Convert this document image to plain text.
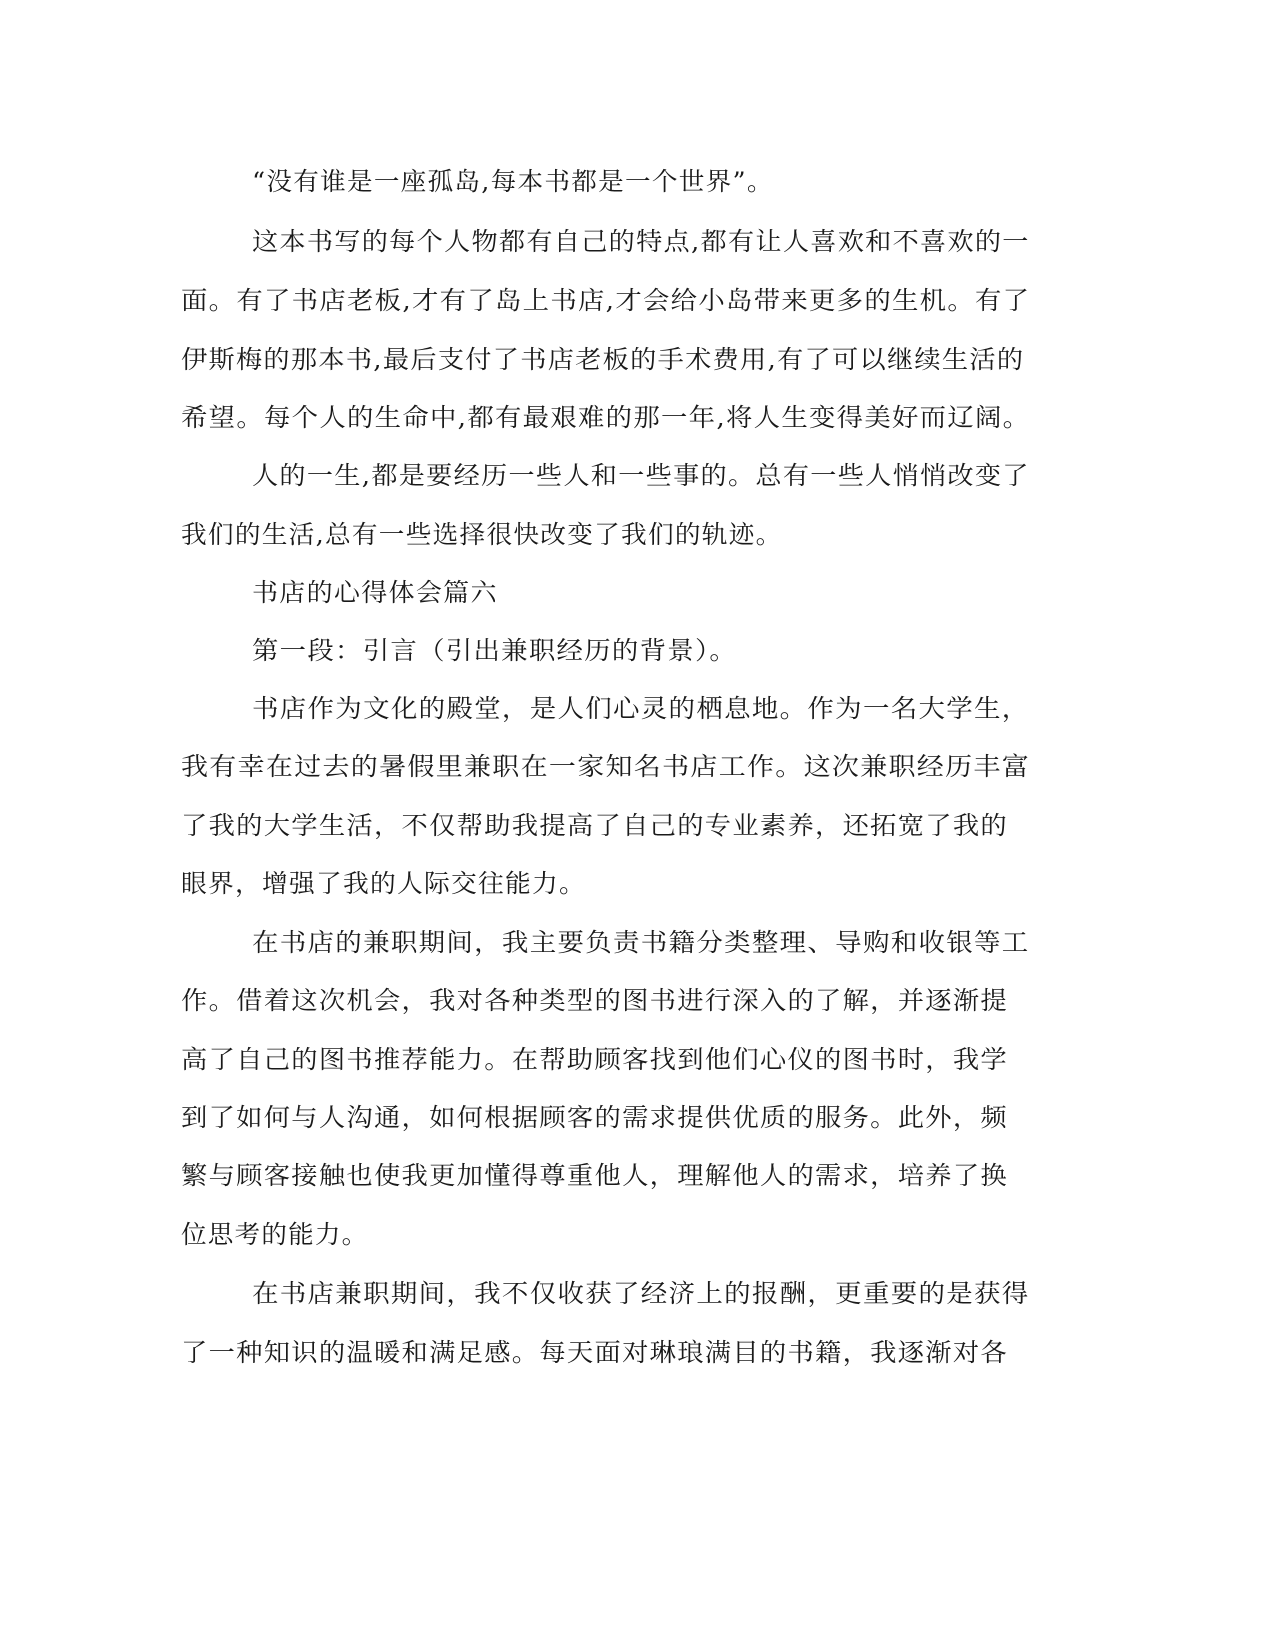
“没有谁是一座孤岛,每本书都是一个世界”。
这本书写的每个人物都有自己的特点,都有让人喜欢和不喜欢的一
面。有了书店老板,才有了岛上书店,才会给小岛带来更多的生机。有了
伊斯梅的那本书,最后支付了书店老板的手术费用,有了可以继续生活的
希望。每个人的生命中,都有最艰难的那一年,将人生变得美好而辽阔。
人的一生,都是要经历一些人和一些事的。总有一些人悄悄改变了
我们的生活,总有一些选择很快改变了我们的轨迹。
书店的心得体会篇六
第一段：引言（引出兼职经历的背景）。
书店作为文化的殿堂，是人们心灵的栖息地。作为一名大学生，
我有幸在过去的暑假里兼职在一家知名书店工作。这次兼职经历丰富
了我的大学生活，不仅帮助我提高了自己的专业素养，还拓宽了我的
眼界，增强了我的人际交往能力。
在书店的兼职期间，我主要负责书籍分类整理、导购和收银等工
作。借着这次机会，我对各种类型的图书进行深入的了解，并逐渐提
高了自己的图书推荐能力。在帮助顾客找到他们心仪的图书时，我学
到了如何与人沟通，如何根据顾客的需求提供优质的服务。此外，频
繁与顾客接触也使我更加懂得尊重他人，理解他人的需求，培养了换
位思考的能力。
在书店兼职期间，我不仅收获了经济上的报酬，更重要的是获得
了一种知识的温暖和满足感。每天面对琳琅满目的书籍，我逐渐对各
